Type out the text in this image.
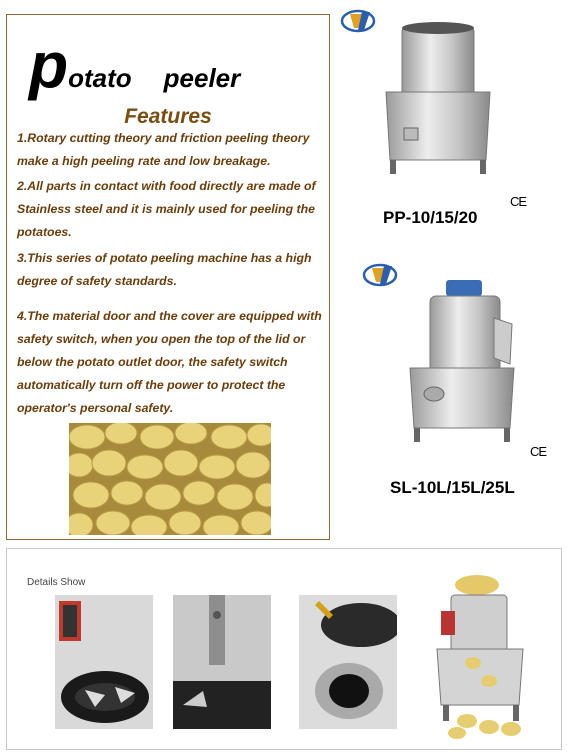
potato peeler
Features
1.Rotary cutting theory and friction peeling theory make a high peeling rate and low breakage.
2.All parts in contact with food directly are made of Stainless steel and it is mainly used for peeling the potatoes.
3.This series of potato peeling machine has a high degree of safety standards.
4.The material door and the cover are equipped with safety switch, when you open the top of the lid or below the potato outlet door, the safety switch automatically turn off the power to protect the operator's personal safety.
PP-10/15/20
CE
SL-10L/15L/25L
CE
Details Show
